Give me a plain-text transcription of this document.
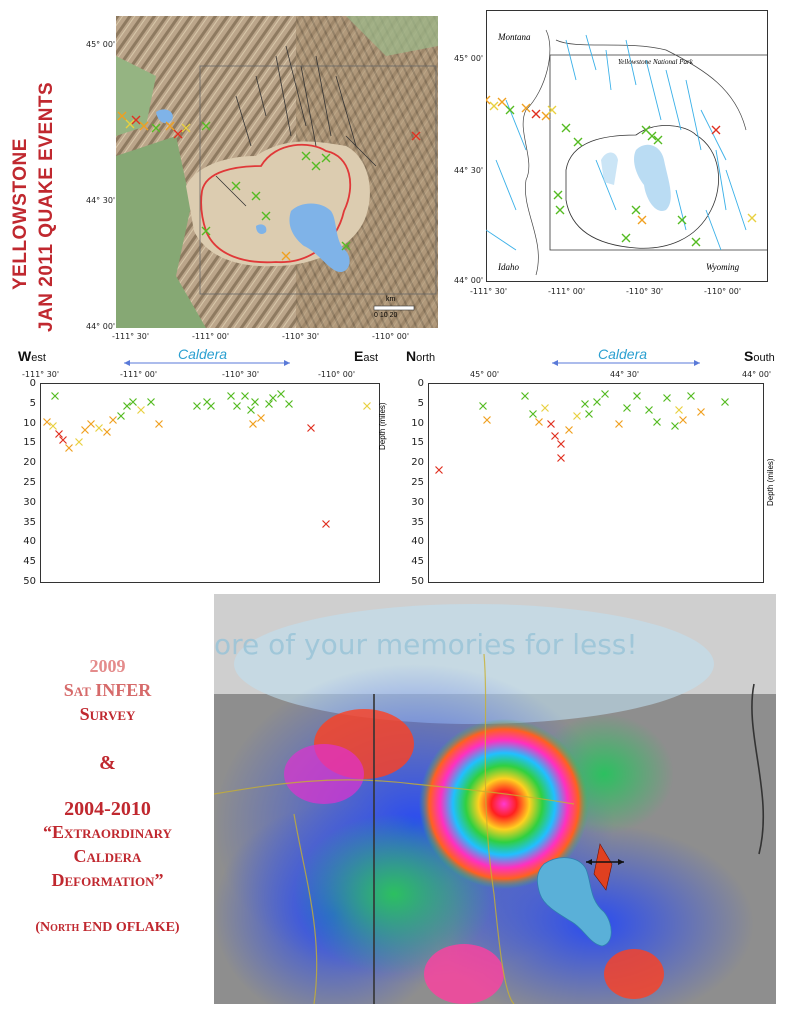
YELLOWSTONE JAN 2011 QUAKE EVENTS	km
0 10 20
45° 00'
44° 30'
44° 00'
-111° 30'	-111° 00'	-110° 30'	-110° 00'
Montana
Yellowstone National Park
Idaho	Wyoming
45° 00'
44° 30'
44° 00'
-111° 30'	-111° 00'	-110° 30'	-110° 00'
West	East
Caldera
-111° 30'	-111° 00'	-110° 30'	-110° 00'
0
5
10
15
20
25
30
35
40
45
50
Depth (miles)
North	South
Caldera
45° 00'	44° 30'	44° 00'
0
5
10
15
20
25
30
35
40
45
50
Depth (miles)
2009
Sat INFER
Survey
&
2004-2010
“Extraordinary
Caldera
Deformation”
(North END OFLAKE)
ore of your memories for less!
